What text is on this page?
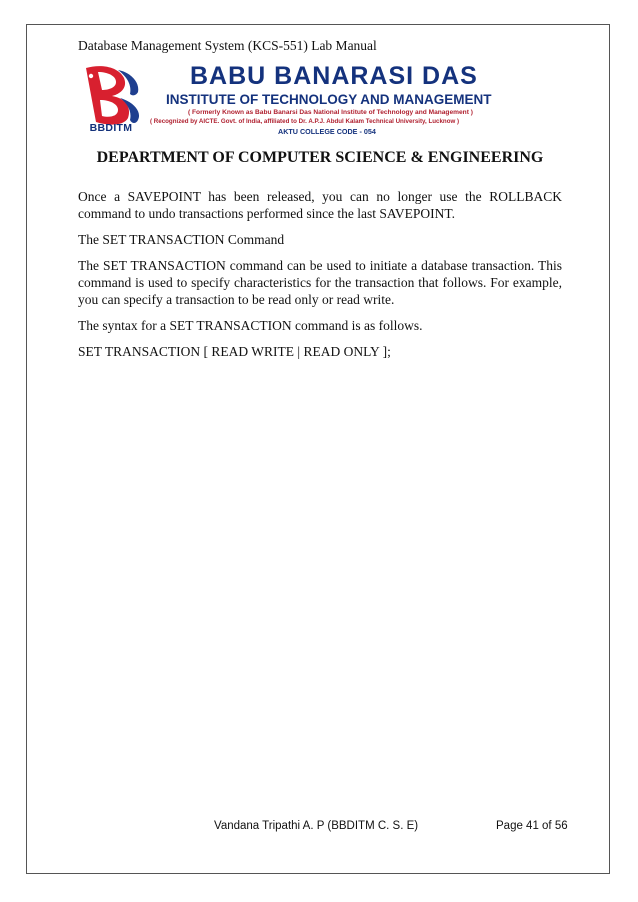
Database Management System (KCS-551) Lab Manual
BBDITM
BABU BANARASI DAS
INSTITUTE OF TECHNOLOGY AND MANAGEMENT
( Formerly Known as Babu Banarsi Das National Institute of Technology and Management )
( Recognized by AICTE. Govt. of India, affiliated to Dr. A.P.J. Abdul Kalam Technical University, Lucknow )
AKTU COLLEGE CODE - 054
DEPARTMENT OF COMPUTER SCIENCE & ENGINEERING

Once a SAVEPOINT has been released, you can no longer use the ROLLBACK command to undo transactions performed since the last SAVEPOINT.

The SET TRANSACTION Command

The SET TRANSACTION command can be used to initiate a database transaction. This command is used to specify characteristics for the transaction that follows. For example, you can specify a transaction to be read only or read write.

The syntax for a SET TRANSACTION command is as follows.

SET TRANSACTION [ READ WRITE | READ ONLY ];

Vandana Tripathi A. P (BBDITM C. S. E)	Page 41 of 56
